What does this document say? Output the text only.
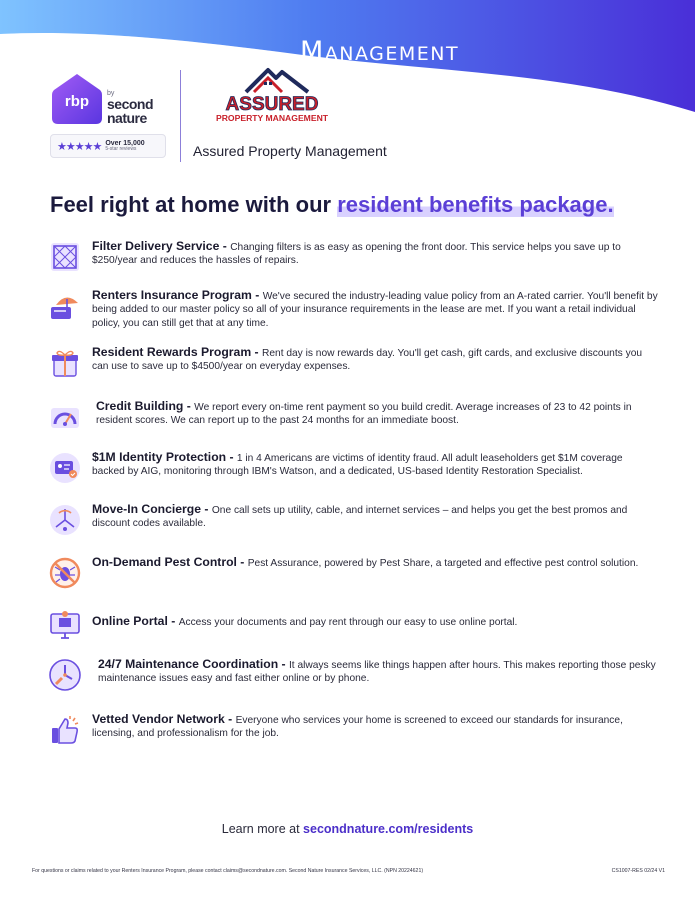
Management
rbp	by
second nature
★★★★★ Over 15,000
5-star reviews
ASSURED
PROPERTY MANAGEMENT
Assured Property Management
Feel right at home with our resident benefits package.
Filter Delivery Service - Changing filters is as easy as opening the front door. This service helps you save up to $250/year and reduces the hassles of repairs.
Renters Insurance Program - We've secured the industry-leading value policy from an A-rated carrier. You'll benefit by being added to our master policy so all of your insurance requirements in the lease are met. If you want a retail individual policy, you can still get that at any time.
Resident Rewards Program - Rent day is now rewards day. You'll get cash, gift cards, and exclusive discounts you can use to save up to $4500/year on everyday expenses.
Credit Building - We report every on-time rent payment so you build credit. Average increases of 23 to 42 points in resident scores. We can report up to the past 24 months for an immediate boost.
$1M Identity Protection - 1 in 4 Americans are victims of identity fraud. All adult leaseholders get $1M coverage backed by AIG, monitoring through IBM's Watson, and a dedicated, US-based Identity Restoration Specialist.
Move-In Concierge - One call sets up utility, cable, and internet services – and helps you get the best promos and discount codes available.
On-Demand Pest Control - Pest Assurance, powered by Pest Share, a targeted and effective pest control solution.
Online Portal - Access your documents and pay rent through our easy to use online portal.
24/7 Maintenance Coordination - It always seems like things happen after hours. This makes reporting those pesky maintenance issues easy and fast either online or by phone.
Vetted Vendor Network - Everyone who services your home is screened to exceed our standards for insurance, licensing, and professionalism for the job.
Learn more at secondnature.com/residents
For questions or claims related to your Renters Insurance Program, please contact claims@secondnature.com. Second Nature Insurance Services, LLC. (NPN 20224621)	CS1007-RES 02/24 V1
